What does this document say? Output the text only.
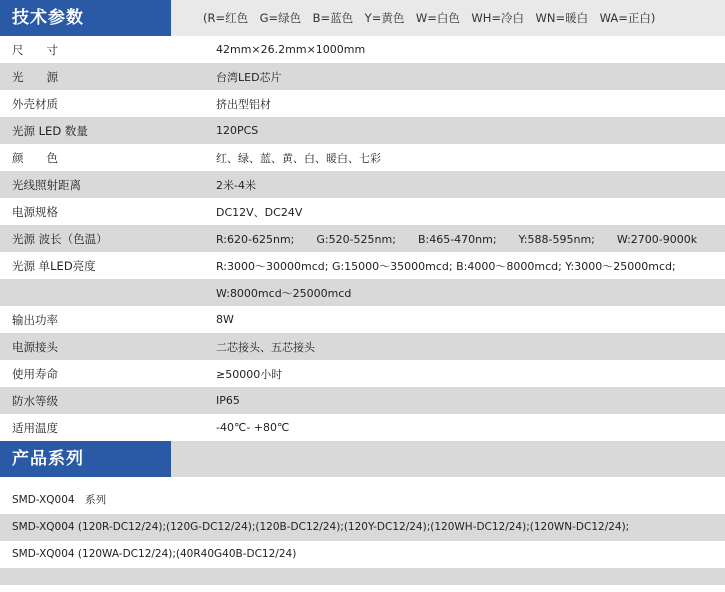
技术参数	(R=红色　G=绿色　B=蓝色　Y=黄色　W=白色　WH=冷白　WN=暖白　WA=正白)
尺　　寸	42mm×26.2mm×1000mm
光　　源	台湾LED芯片
外壳材质	挤出型铝材
光源 LED 数量	120PCS
颜　　色	红、绿、蓝、黄、白、暖白、七彩
光线照射距离	2米-4米
电源规格	DC12V、DC24V
光源 波长（色温）	R:620-625nm;　　G:520-525nm;　　B:465-470nm;　　Y:588-595nm;　　W:2700-9000k
光源 单LED亮度	R:3000～30000mcd; G:15000～35000mcd; B:4000～8000mcd; Y:3000～25000mcd;
	W:8000mcd～25000mcd
输出功率	8W
电源接头	二芯接头、五芯接头
使用寿命	≥50000小时
防水等级	IP65
适用温度	-40℃- +80℃
产品系列
SMD-XQ004　系列
SMD-XQ004 (120R-DC12/24);(120G-DC12/24);(120B-DC12/24);(120Y-DC12/24);(120WH-DC12/24);(120WN-DC12/24);
SMD-XQ004 (120WA-DC12/24);(40R40G40B-DC12/24)
